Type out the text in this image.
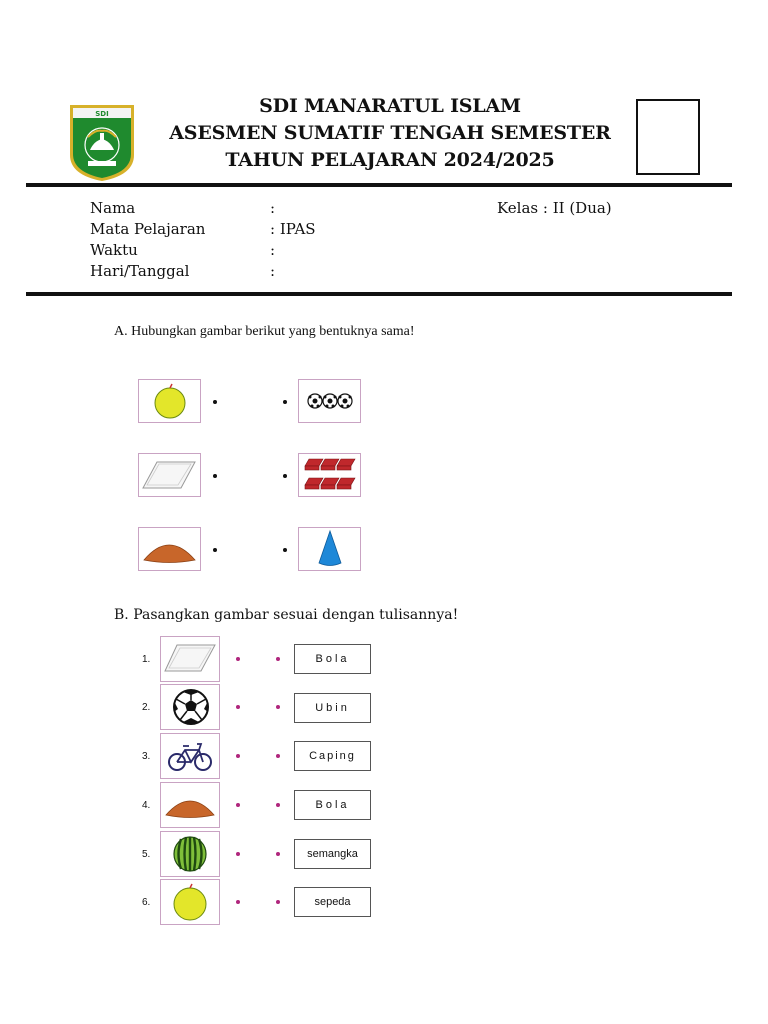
SDI	SDI MANARATUL ISLAM
ASESMEN SUMATIF TENGAH SEMESTER
TAHUN PELAJARAN 2024/2025
Nama	:	Kelas : II (Dua)
Mata Pelajaran	: IPAS
Waktu	:
Hari/Tanggal	:
A. Hubungkan gambar berikut yang bentuknya sama!
B. Pasangkan gambar sesuai dengan tulisannya!
1.	Bola
2.	Ubin
3.	Caping
4.	Bola
5.	semangka
6.	sepeda
